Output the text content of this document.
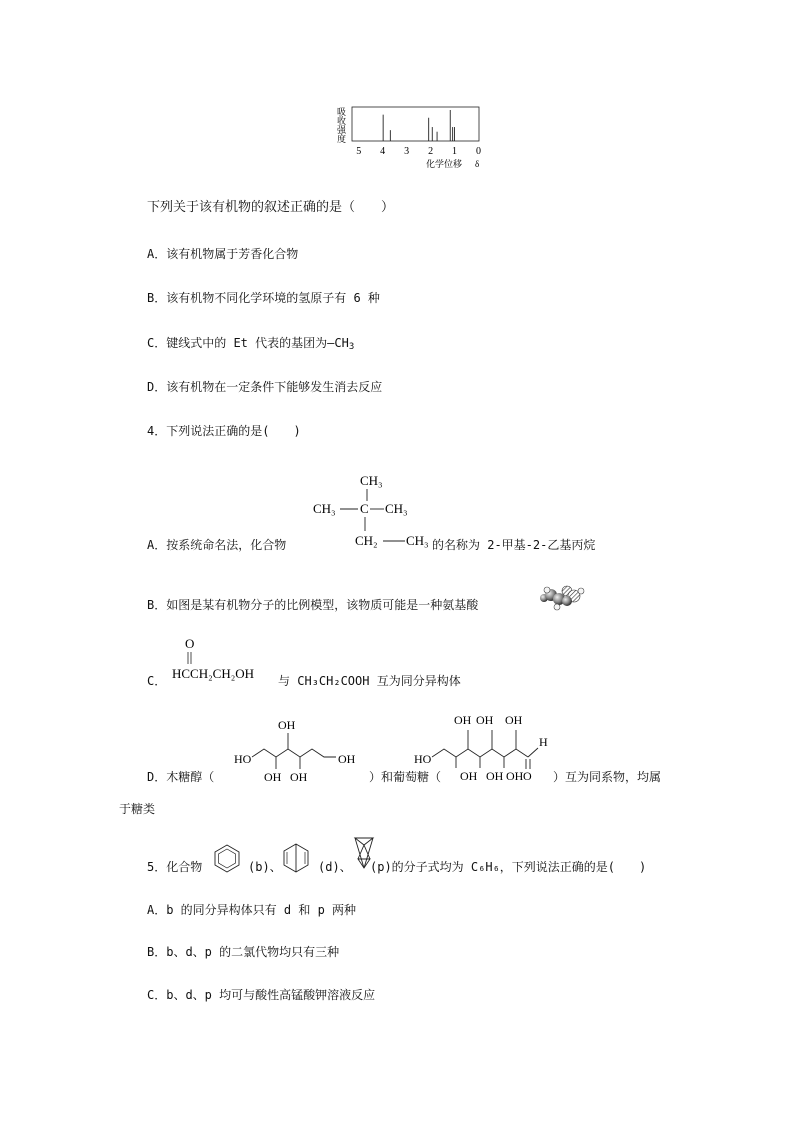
5 4 3 2 1 0
吸
收
强
度
化学位移 δ
下列关于该有机物的叙述正确的是（　　）
A．该有机物属于芳香化合物
B．该有机物不同化学环境的氢原子有 6 种
C．键线式中的 Et 代表的基团为$—CH_3$
D．该有机物在一定条件下能够发生消去反应
4．下列说法正确的是(　　)
CH₃
CH₃ C CH₃
CH₂ CH₃
A．按系统命名法，化合物	的名称为 2-甲基-2-乙基丙烷
B．如图是某有机物分子的比例模型，该物质可能是一种氨基酸
O
HCCH₂CH₂OH
C．	与 CH₃CH₂COOH 互为同分异构体
D．木糖醇（
HO
OH
OH OH
OH
）和葡萄糖（
HO
H
OH OH
OH
OH OH OH O ）互为同系物，均属
于糖类
5．化合物	(b)、	(d)、 (p)的分子式均为 C₆H₆，下列说法正确的是(　　)
A．b 的同分异构体只有 d 和 p 两种
B．b、d、p 的二氯代物均只有三种
C．b、d、p 均可与酸性高锰酸钾溶液反应
